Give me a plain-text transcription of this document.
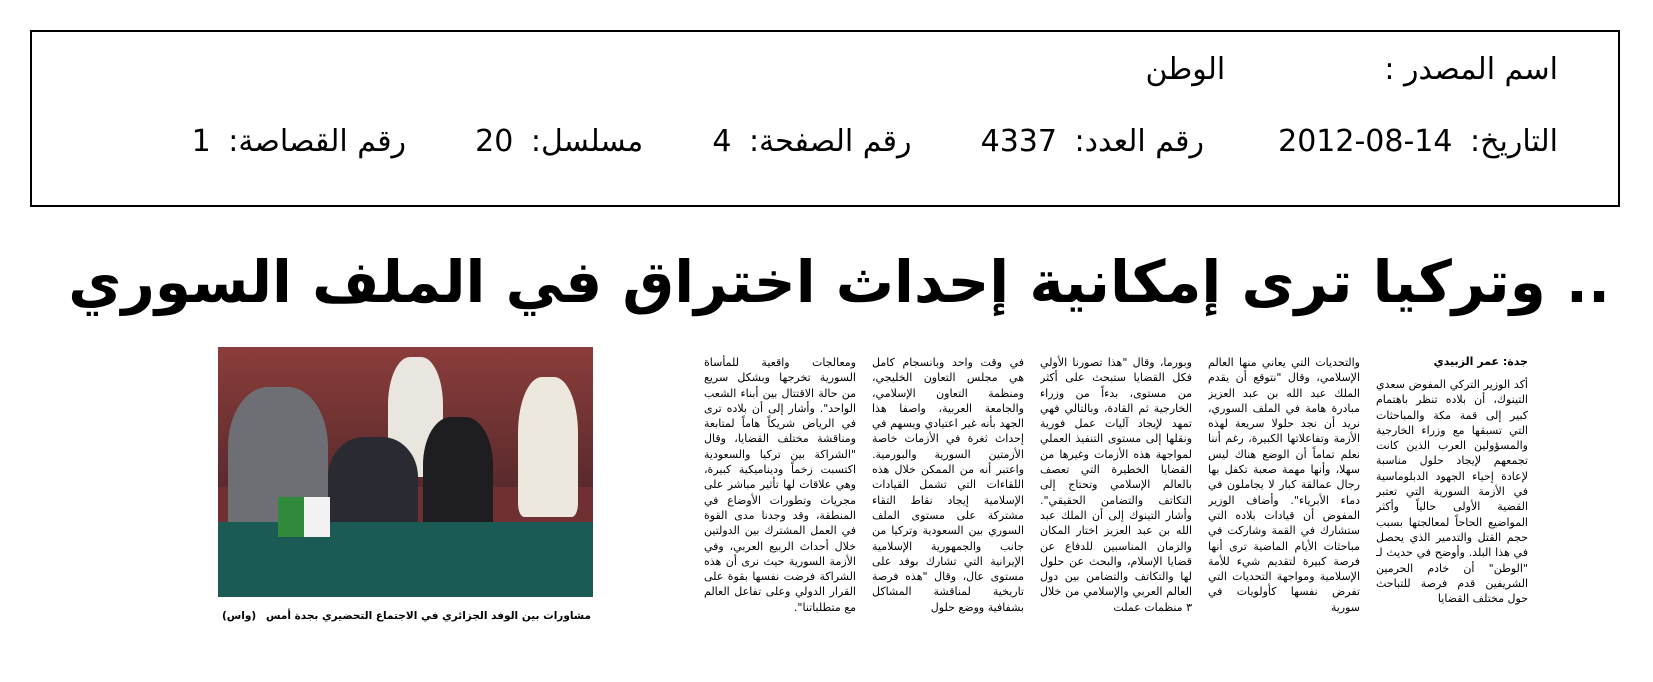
اسم المصدر :  الوطن
التاريخ: 2012-08-14  رقم العدد: 4337  رقم الصفحة: 4  مسلسل: 20  رقم القصاصة: 1
.. وتركيا ترى إمكانية إحداث اختراق في الملف السوري
جدة: عمر الزبيدي

أكد الوزير التركي المفوض سعدي التينوك، أن بلاده تنظر باهتمام كبير إلى قمة مكة والمباحثات التي تسبقها مع وزراء الخارجية والمسؤولين العرب الذين كانت تجمعهم لإيجاد حلول مناسبة لإعادة إحياء الجهود الدبلوماسية في الأزمة السورية التي تعتبر القضية الأولى حالياً وأكثر المواضيع الحاحاً لمعالجتها بسبب حجم القتل والتدمير الذي يحصل في هذا البلد. وأوضح في حديث لـ "الوطن" أن خادم الحرمين الشريفين قدم فرصة للتباحث حول مختلف القضايا

والتحديات التي يعاني منها العالم الإسلامي، وقال "نتوقع أن يقدم الملك عبد الله بن عبد العزيز مبادرة هامة في الملف السوري، نريد أن نجد حلولا سريعة لهذه الأزمة وتفاعلاتها الكبيرة، رغم أننا نعلم تماماً أن الوضع هناك ليس سهلا، وأنها مهمة صعبة تكفل بها رجال عمالقة كبار لا يجاملون في دماء الأبرياء". وأضاف الوزير المفوض أن قيادات بلاده التي ستشارك في القمة وشاركت في مباحثات الأيام الماضية ترى أنها فرصة كبيرة لتقديم شيء للأمة الإسلامية ومواجهة التحديات التي تفرض نفسها كأولويات في سورية

وبورما، وقال "هذا تصورنا الأولي فكل القضايا ستبحث على أكثر من مستوى، بدءاً من وزراء الخارجية ثم القادة، وبالتالي فهي تمهد لإيجاد آليات عمل فورية ونقلها إلى مستوى التنفيذ العملي لمواجهة هذه الأزمات وغيرها من القضايا الخطيرة التي تعصف بالعالم الإسلامي وتحتاج إلى التكاتف والتضامن الحقيقي". وأشار التينوك إلى أن الملك عبد الله بن عبد العزيز اختار المكان والزمان المناسبين للدفاع عن قضايا الإسلام، والبحث عن حلول لها والتكاتف والتضامن بين دول العالم العربي والإسلامي من خلال ٣ منظمات عملت

في وقت واحد وبانسجام كامل هي مجلس التعاون الخليجي، ومنظمة التعاون الإسلامي، والجامعة العربية، واصفا هذا الجهد بأنه غير اعتيادي ويسهم في إحداث ثغرة في الأزمات خاصة الأزمتين السورية والبورمية. واعتبر أنه من الممكن خلال هذه اللقاءات التي تشمل القيادات الإسلامية إيجاد نقاط التقاء مشتركة على مستوى الملف السوري بين السعودية وتركيا من جانب والجمهورية الإسلامية الإيرانية التي تشارك بوفد على مستوى عال، وقال "هذه فرصة تاريخية لمناقشة المشاكل بشفافية ووضع حلول

ومعالجات واقعية للمأساة السورية تخرجها وبشكل سريع من حالة الاقتتال بين أبناء الشعب الواحد". وأشار إلى أن بلاده ترى في الرياض شريكاً هاماً لمتابعة ومناقشة مختلف القضايا، وقال "الشراكة بين تركيا والسعودية اكتسبت زخماً وديناميكية كبيرة، وهي علاقات لها تأثير مباشر على مجريات وتطورات الأوضاع في المنطقة، وقد وجدنا مدى القوة في العمل المشترك بين الدولتين خلال أحداث الربيع العربي، وفي الأزمة السورية حيث نرى أن هذه الشراكة فرضت نفسها بقوة على القرار الدولي وعلى تفاعل العالم مع متطلباتنا".

مشاورات بين الوفد الجزائري في الاجتماع التحضيري بجدة أمس
(واس)
